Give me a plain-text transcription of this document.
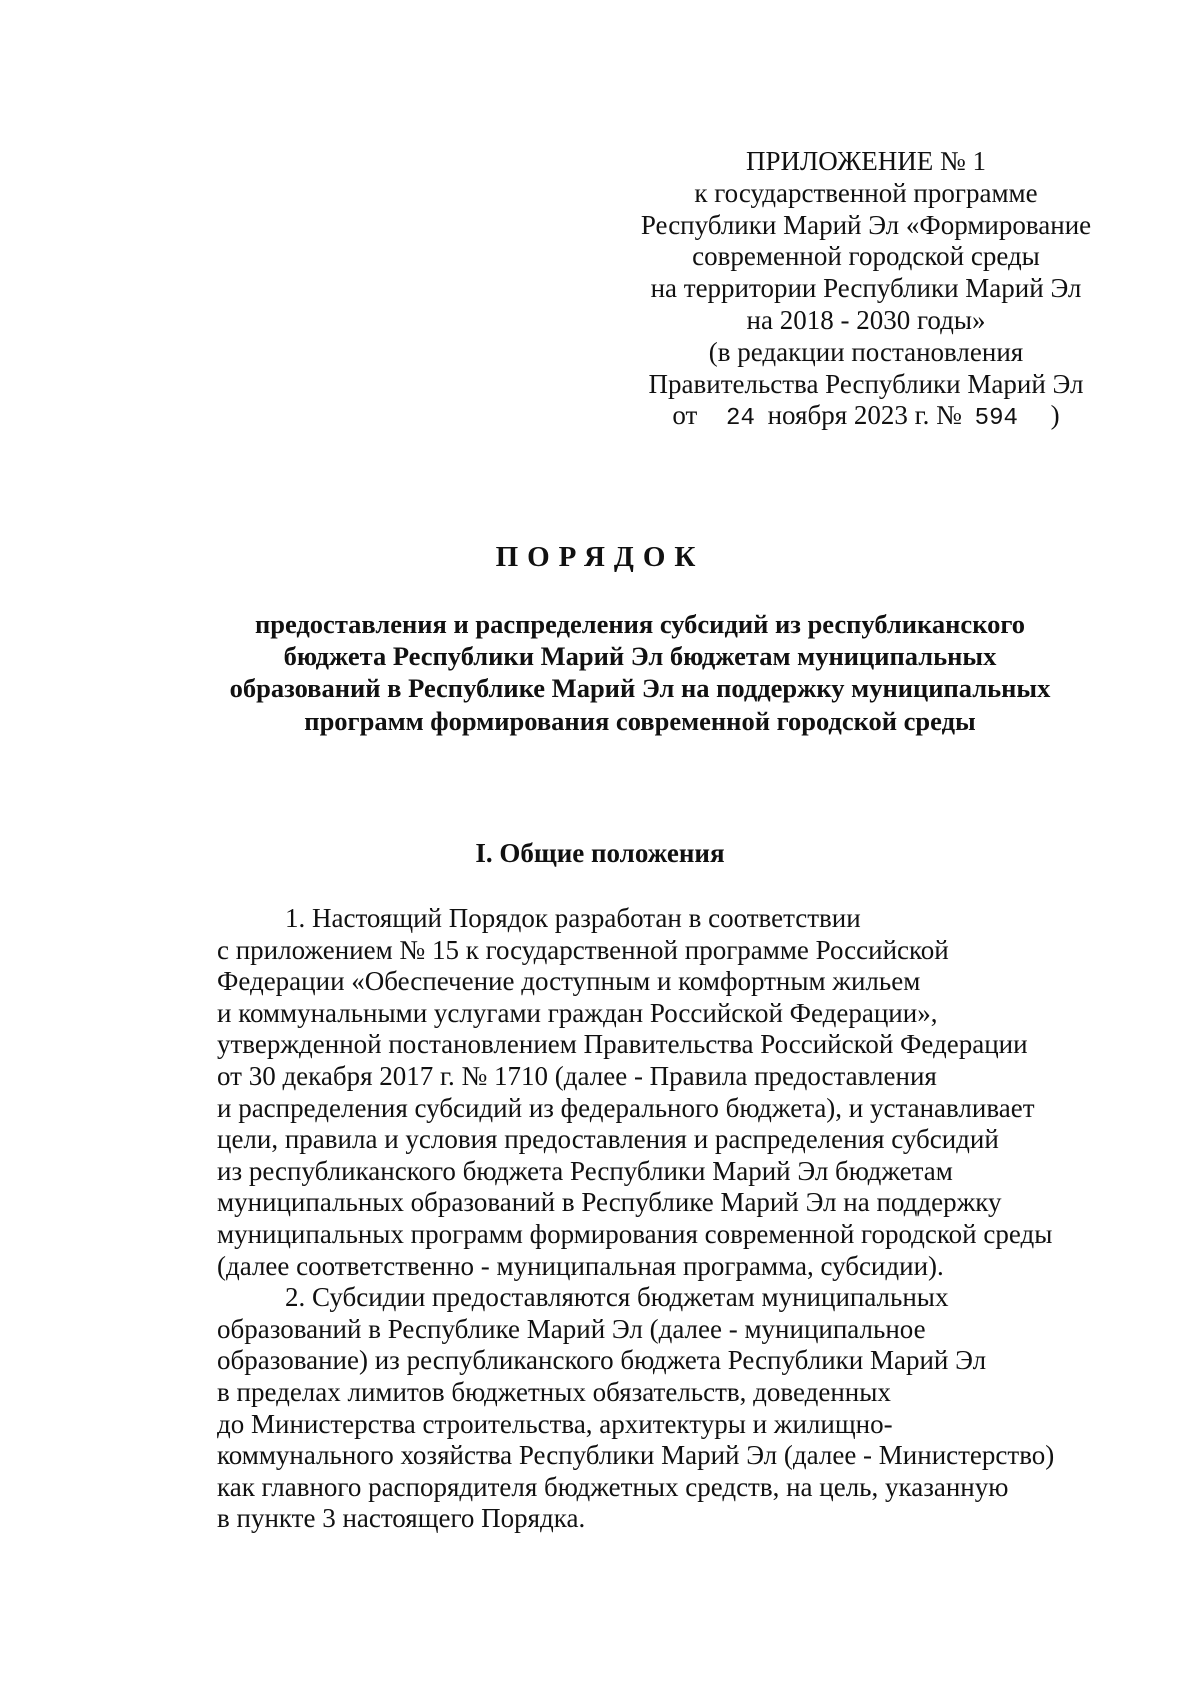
ПРИЛОЖЕНИЕ № 1
к государственной программе
Республики Марий Эл «Формирование
современной городской среды
на территории Республики Марий Эл
на 2018 - 2030 годы»
(в редакции постановления
Правительства Республики Марий Эл
от 24 ноября 2023 г. № 594 )
ПОРЯДОК
предоставления и распределения субсидий из республиканского
бюджета Республики Марий Эл бюджетам муниципальных
образований в Республике Марий Эл на поддержку муниципальных
программ формирования современной городской среды
I. Общие положения
1. Настоящий Порядок разработан в соответствии
с приложением № 15 к государственной программе Российской
Федерации «Обеспечение доступным и комфортным жильем
и коммунальными услугами граждан Российской Федерации»,
утвержденной постановлением Правительства Российской Федерации
от 30 декабря 2017 г. № 1710 (далее - Правила предоставления
и распределения субсидий из федерального бюджета), и устанавливает
цели, правила и условия предоставления и распределения субсидий
из республиканского бюджета Республики Марий Эл бюджетам
муниципальных образований в Республике Марий Эл на поддержку
муниципальных программ формирования современной городской среды
(далее соответственно - муниципальная программа, субсидии).
2. Субсидии предоставляются бюджетам муниципальных
образований в Республике Марий Эл (далее - муниципальное
образование) из республиканского бюджета Республики Марий Эл
в пределах лимитов бюджетных обязательств, доведенных
до Министерства строительства, архитектуры и жилищно-
коммунального хозяйства Республики Марий Эл (далее - Министерство)
как главного распорядителя бюджетных средств, на цель, указанную
в пункте 3 настоящего Порядка.
